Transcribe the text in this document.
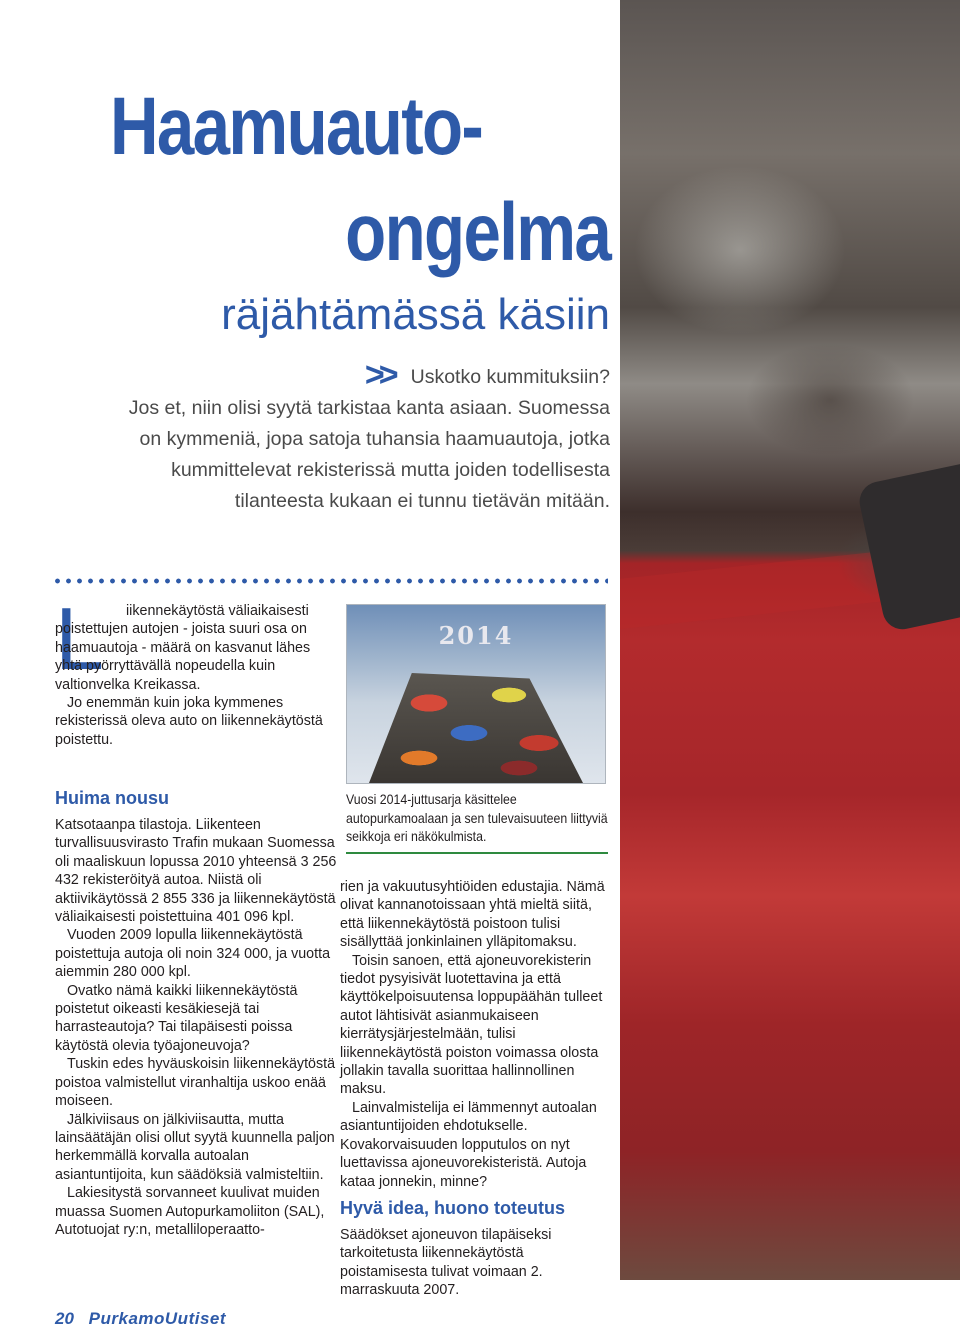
Haamuauto-
ongelma
räjähtämässä käsiin

>> Uskotko kummituksiin?

Jos et, niin olisi syytä tarkistaa kanta asiaan. Suomessa

on kymmeniä, jopa satoja tuhansia haamuautoja, jotka

kummittelevat rekisterissä mutta joiden todellisesta

tilanteesta kukaan ei tunnu tietävän mitään.

L	iikennekäytöstä väliaikaisesti poistettujen autojen - joista suuri osa on haamuautoja - määrä on kasvanut lähes yhtä pyörryttävällä nopeudella kuin valtionvelka Kreikassa.

Jo enemmän kuin joka kymmenes rekisterissä oleva auto on liikennekäytöstä poistettu.

Huima nousu

Katsotaanpa tilastoja. Liikenteen turvallisuusvirasto Trafin mukaan Suomessa oli maaliskuun lopussa 2010 yhteensä 3 256 432 rekisteröityä autoa. Niistä oli aktiivikäytössä 2 855 336 ja liikennekäytöstä väliaikaisesti poistettuina 401 096 kpl.

Vuoden 2009 lopulla liikennekäytöstä poistettuja autoja oli noin 324 000, ja vuotta aiemmin 280 000 kpl.

Ovatko nämä kaikki liikennekäytöstä poistetut oikeasti kesäkiesejä tai harrasteautoja? Tai tilapäisesti poissa käytöstä olevia työajoneuvoja?

Tuskin edes hyväuskoisin liikennekäytöstä poistoa valmistellut viranhaltija uskoo enää moiseen.

Jälkiviisaus on jälkiviisautta, mutta lainsäätäjän olisi ollut syytä kuunnella paljon herkemmällä korvalla autoalan asiantuntijoita, kun säädöksiä valmisteltiin.

Lakiesitystä sorvanneet kuulivat muiden muassa Suomen Autopurkamoliiton (SAL), Autotuojat ry:n, metalliloperaatto-

2014
Vuosi 2014-juttusarja käsittelee autopurkamoalaan ja sen tulevaisuuteen liittyviä seikkoja eri näkökulmista.

rien ja vakuutusyhtiöiden edustajia. Nämä olivat kannanotoissaan yhtä mieltä siitä, että liikennekäytöstä poistoon tulisi sisällyttää jonkinlainen ylläpitomaksu.

Toisin sanoen, että ajoneuvorekisterin tiedot pysyisivät luotettavina ja että käyttökelpoisuutensa loppupäähän tulleet autot lähtisivät asianmukaiseen kierrätysjärjestelmään, tulisi liikennekäytöstä poiston voimassa olosta jollakin tavalla suorittaa hallinnollinen maksu.

Lainvalmistelija ei lämmennyt autoalan asiantuntijoiden ehdotukselle. Kovakorvaisuuden lopputulos on nyt luettavissa ajoneuvorekisteristä. Autoja kataa jonnekin, minne?

Hyvä idea, huono toteutus

Säädökset ajoneuvon tilapäiseksi tarkoitetusta liikennekäytöstä poistamisesta tulivat voimaan 2. marraskuuta 2007.

20 PurkamoUutiset
